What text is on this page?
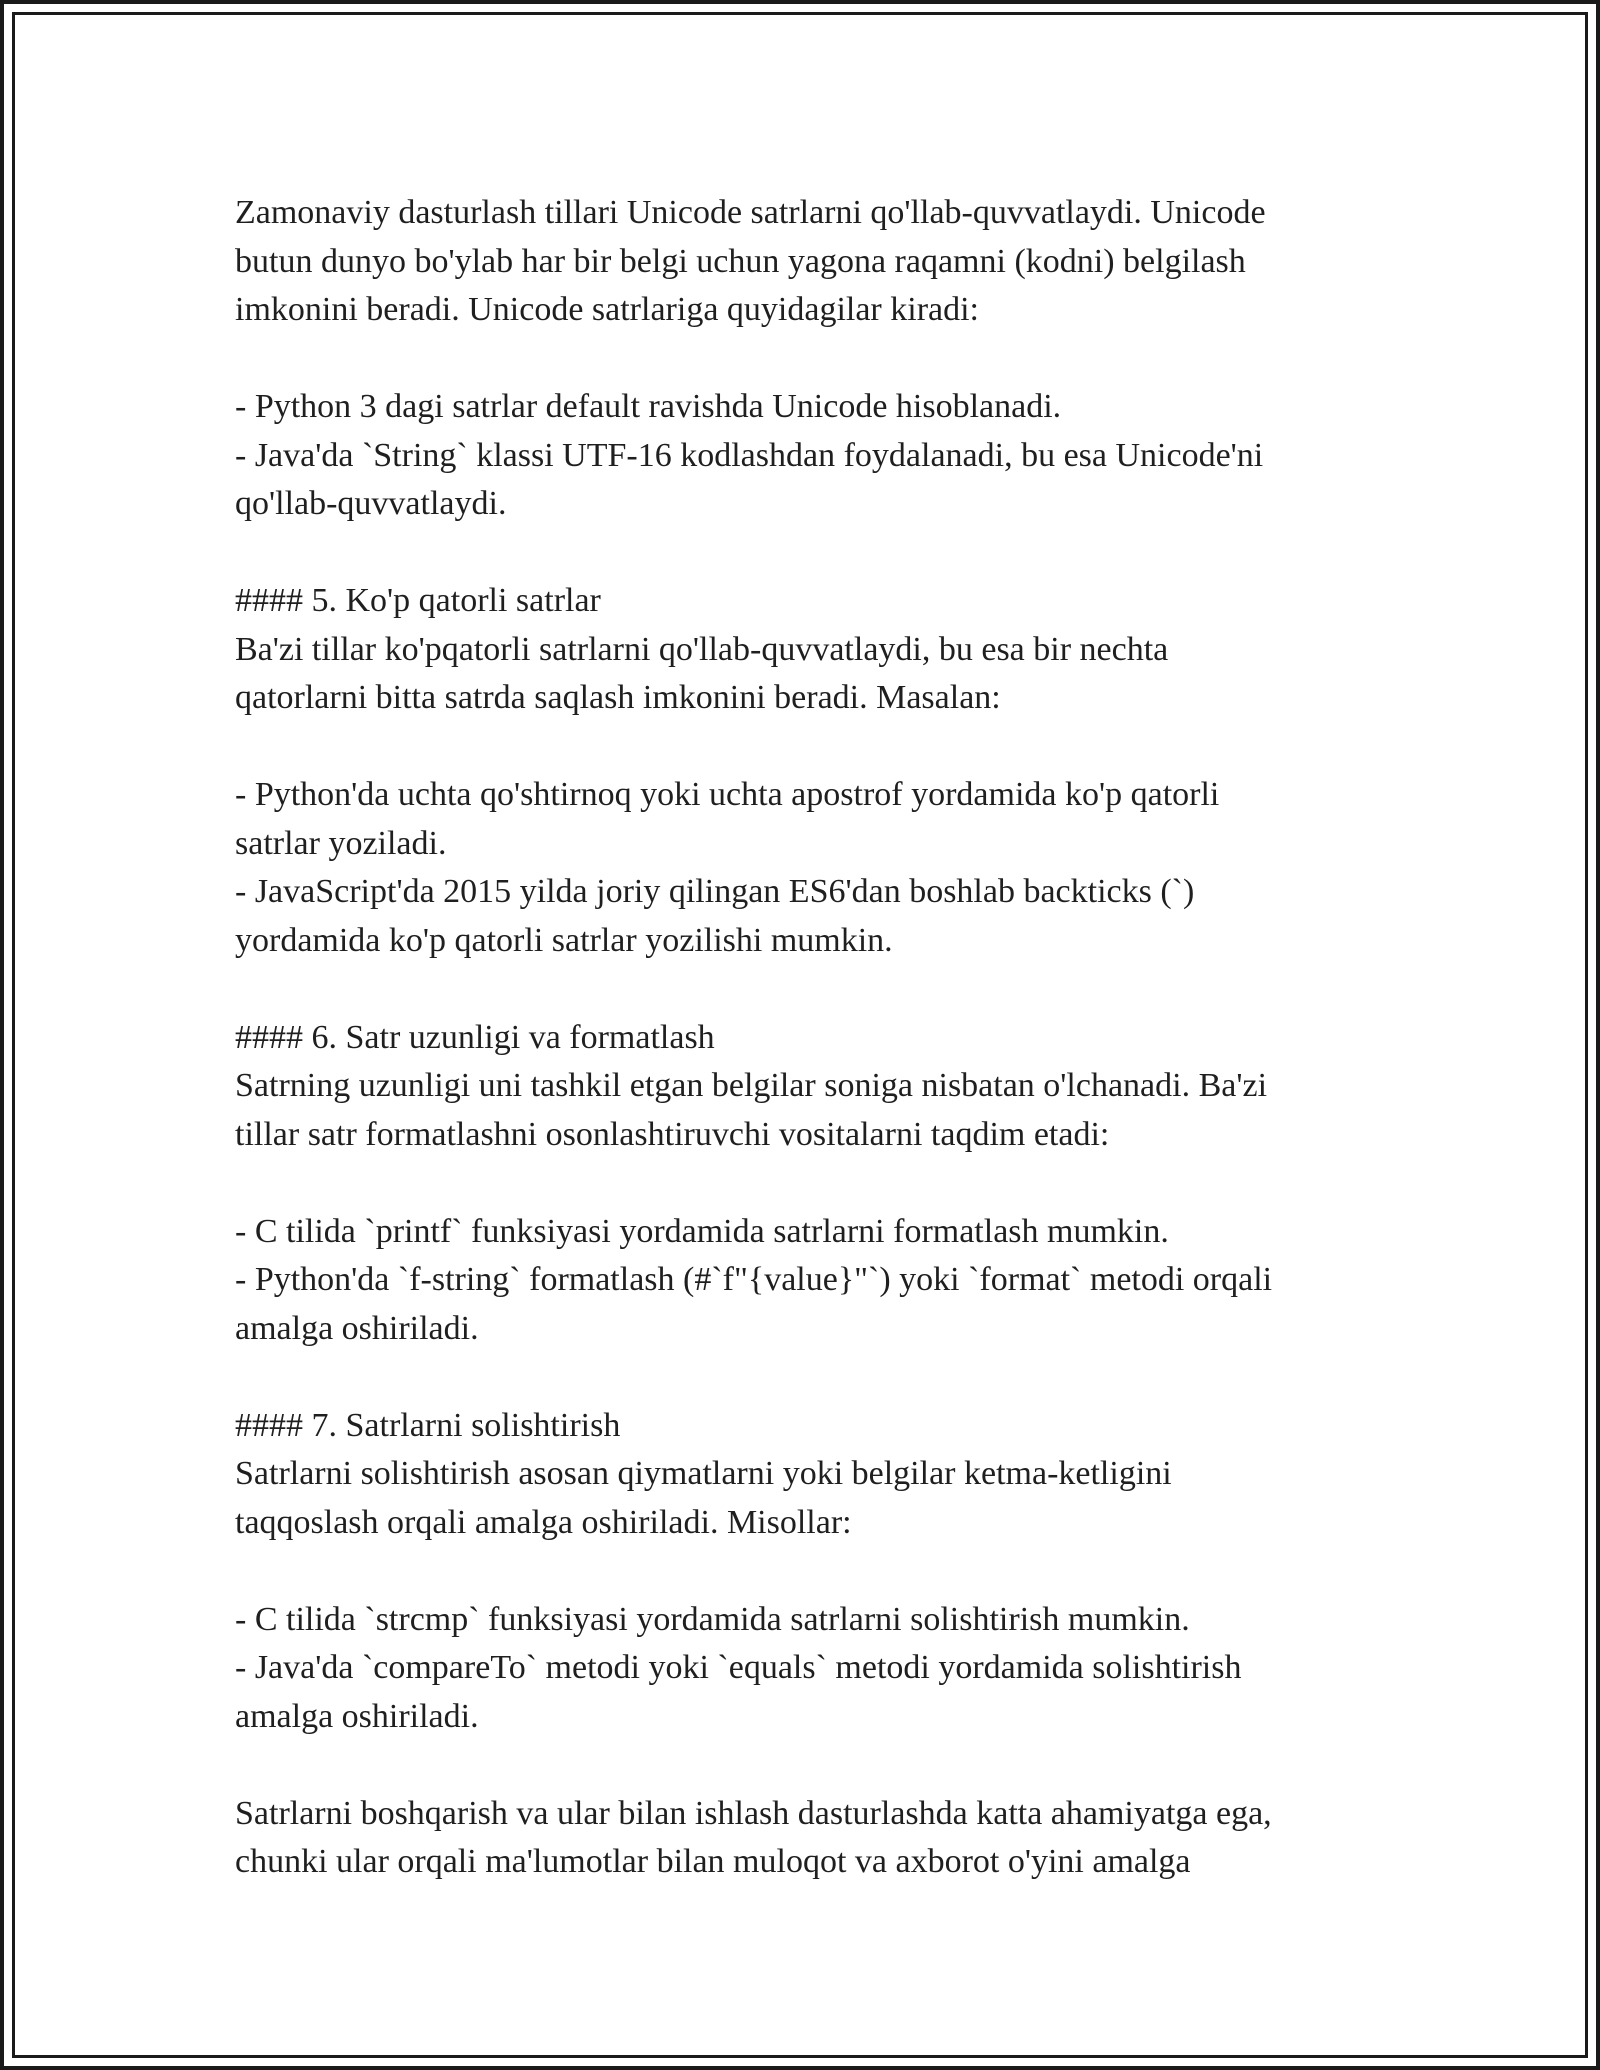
Zamonaviy dasturlash tillari Unicode satrlarni qo'llab-quvvatlaydi. Unicode
butun dunyo bo'ylab har bir belgi uchun yagona raqamni (kodni) belgilash
imkonini beradi. Unicode satrlariga quyidagilar kiradi:

- Python 3 dagi satrlar default ravishda Unicode hisoblanadi.
- Java'da `String` klassi UTF-16 kodlashdan foydalanadi, bu esa Unicode'ni
qo'llab-quvvatlaydi.

#### 5. Ko'p qatorli satrlar
Ba'zi tillar ko'pqatorli satrlarni qo'llab-quvvatlaydi, bu esa bir nechta
qatorlarni bitta satrda saqlash imkonini beradi. Masalan:

- Python'da uchta qo'shtirnoq yoki uchta apostrof yordamida ko'p qatorli
satrlar yoziladi.
- JavaScript'da 2015 yilda joriy qilingan ES6'dan boshlab backticks (`)
yordamida ko'p qatorli satrlar yozilishi mumkin.

#### 6. Satr uzunligi va formatlash
Satrning uzunligi uni tashkil etgan belgilar soniga nisbatan o'lchanadi. Ba'zi
tillar satr formatlashni osonlashtiruvchi vositalarni taqdim etadi:

- C tilida `printf` funksiyasi yordamida satrlarni formatlash mumkin.
- Python'da `f-string` formatlash (#`f"{value}"`) yoki `format` metodi orqali
amalga oshiriladi.

#### 7. Satrlarni solishtirish
Satrlarni solishtirish asosan qiymatlarni yoki belgilar ketma-ketligini
taqqoslash orqali amalga oshiriladi. Misollar:

- C tilida `strcmp` funksiyasi yordamida satrlarni solishtirish mumkin.
- Java'da `compareTo` metodi yoki `equals` metodi yordamida solishtirish
amalga oshiriladi.

Satrlarni boshqarish va ular bilan ishlash dasturlashda katta ahamiyatga ega,
chunki ular orqali ma'lumotlar bilan muloqot va axborot o'yini amalga
